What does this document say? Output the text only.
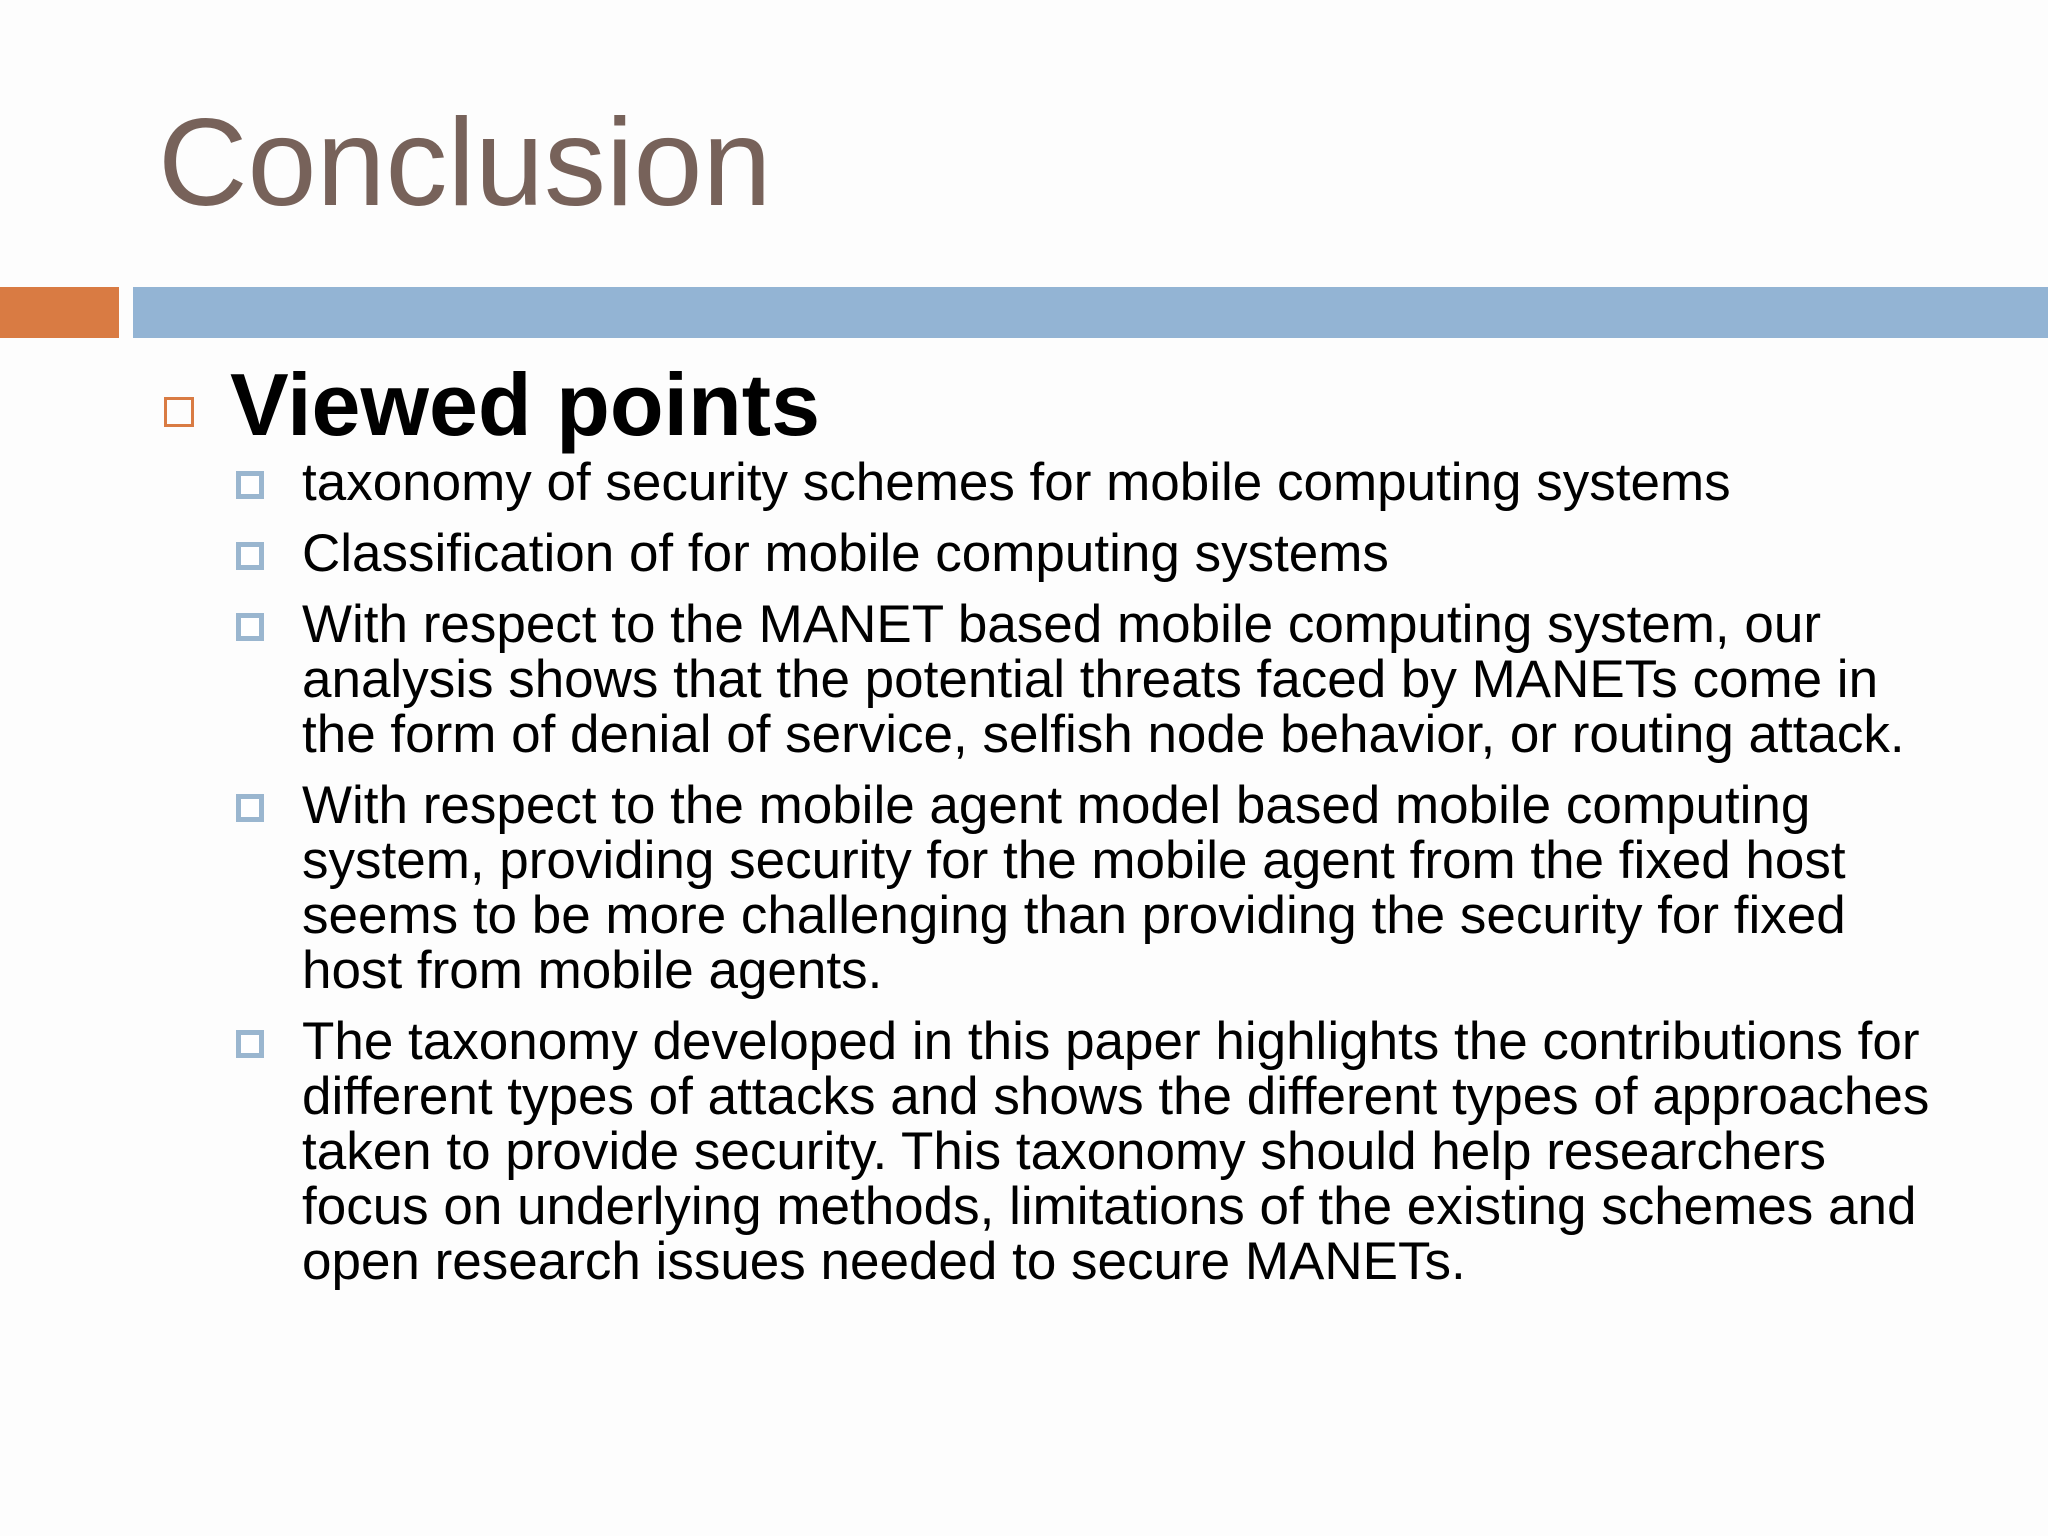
Conclusion
Viewed points
taxonomy of security schemes for mobile computing systems
Classification of for mobile computing systems
With respect to the MANET based mobile computing system, our analysis shows that the potential threats faced by MANETs come in the form of denial of service, selfish node behavior, or routing attack.
With respect to the mobile agent model based mobile computing system, providing security for the mobile agent from the fixed host seems to be more challenging than providing the security for fixed host from mobile agents.
The taxonomy developed in this paper highlights the contributions for different types of attacks and shows the different types of approaches taken to provide security. This taxonomy should help researchers focus on underlying methods, limitations of the existing schemes and open research issues needed to secure MANETs.
